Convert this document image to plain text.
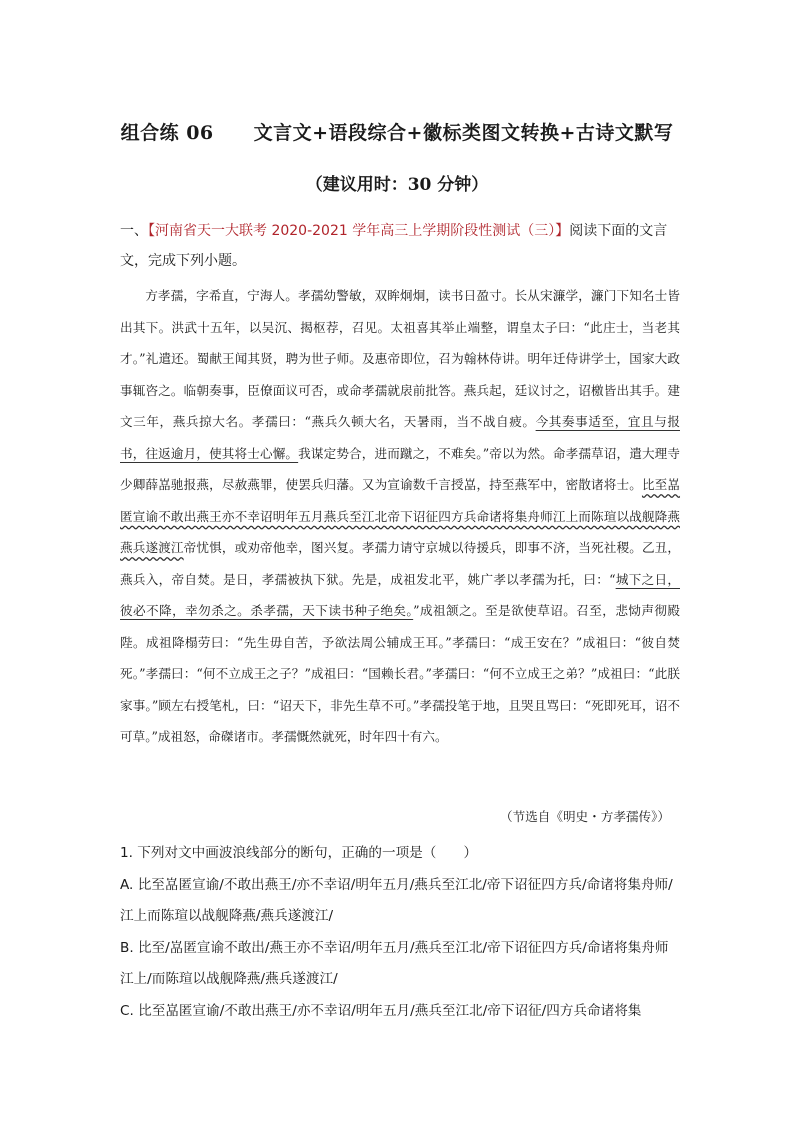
组合练 06 文言文+语段综合+徽标类图文转换+古诗文默写
（建议用时：30 分钟）
一、【河南省天一大联考 2020-2021 学年高三上学期阶段性测试（三）】阅读下面的文言文，完成下列小题。

方孝孺，字希直，宁海人。孝孺幼警敏，双眸炯炯，读书日盈寸。长从宋濂学，濂门下知名士皆出其下。洪武十五年，以吴沉、揭枢荐，召见。太祖喜其举止端整，谓皇太子曰：“此庄士，当老其才。”礼遣还。蜀献王闻其贤，聘为世子师。及惠帝即位，召为翰林侍讲。明年迁侍讲学士，国家大政事辄咨之。临朝奏事，臣僚面议可否，或命孝孺就扆前批答。燕兵起，廷议讨之，诏檄皆出其手。建文三年，燕兵掠大名。孝孺曰：“燕兵久顿大名，天暑雨，当不战自疲。今其奏事适至，宜且与报书，往返逾月，使其将士心懈。我谋定势合，进而蹴之，不难矣。”帝以为然。命孝孺草诏，遣大理寺少卿薛嵓驰报燕，尽赦燕罪，使罢兵归藩。又为宣谕数千言授嵓，持至燕军中，密散诸将士。比至嵓匿宣谕不敢出燕王亦不幸诏明年五月燕兵至江北帝下诏征四方兵命诸将集舟师江上而陈瑄以战舰降燕燕兵遂渡江帝忧惧，或劝帝他幸，图兴复。孝孺力请守京城以待援兵，即事不济，当死社稷。乙丑，燕兵入，帝自焚。是日，孝孺被执下狱。先是，成祖发北平，姚广孝以孝孺为托，曰：“城下之日，彼必不降，幸勿杀之。杀孝孺，天下读书种子绝矣。”成祖颔之。至是欲使草诏。召至，悲恸声彻殿陛。成祖降榻劳曰：“先生毋自苦，予欲法周公辅成王耳。”孝孺曰：“成王安在？”成祖曰：“彼自焚死。”孝孺曰：“何不立成王之子？”成祖曰：“国赖长君。”孝孺曰：“何不立成王之弟？”成祖曰：“此朕家事。”顾左右授笔札，曰：“诏天下，非先生草不可。”孝孺投笔于地，且哭且骂曰：“死即死耳，诏不可草。”成祖怒，命磔诸市。孝孺慨然就死，时年四十有六。

（节选自《明史・方孝孺传》）

1. 下列对文中画波浪线部分的断句，正确的一项是（　　）

A. 比至嵓匿宣谕/不敢出燕王/亦不幸诏/明年五月/燕兵至江北/帝下诏征四方兵/命诸将集舟师/江上而陈瑄以战舰降燕/燕兵遂渡江/

B. 比至/嵓匿宣谕不敢出/燕王亦不幸诏/明年五月/燕兵至江北/帝下诏征四方兵/命诸将集舟师江上/而陈瑄以战舰降燕/燕兵遂渡江/

C. 比至嵓匿宣谕/不敢出燕王/亦不幸诏/明年五月/燕兵至江北/帝下诏征/四方兵命诸将集
